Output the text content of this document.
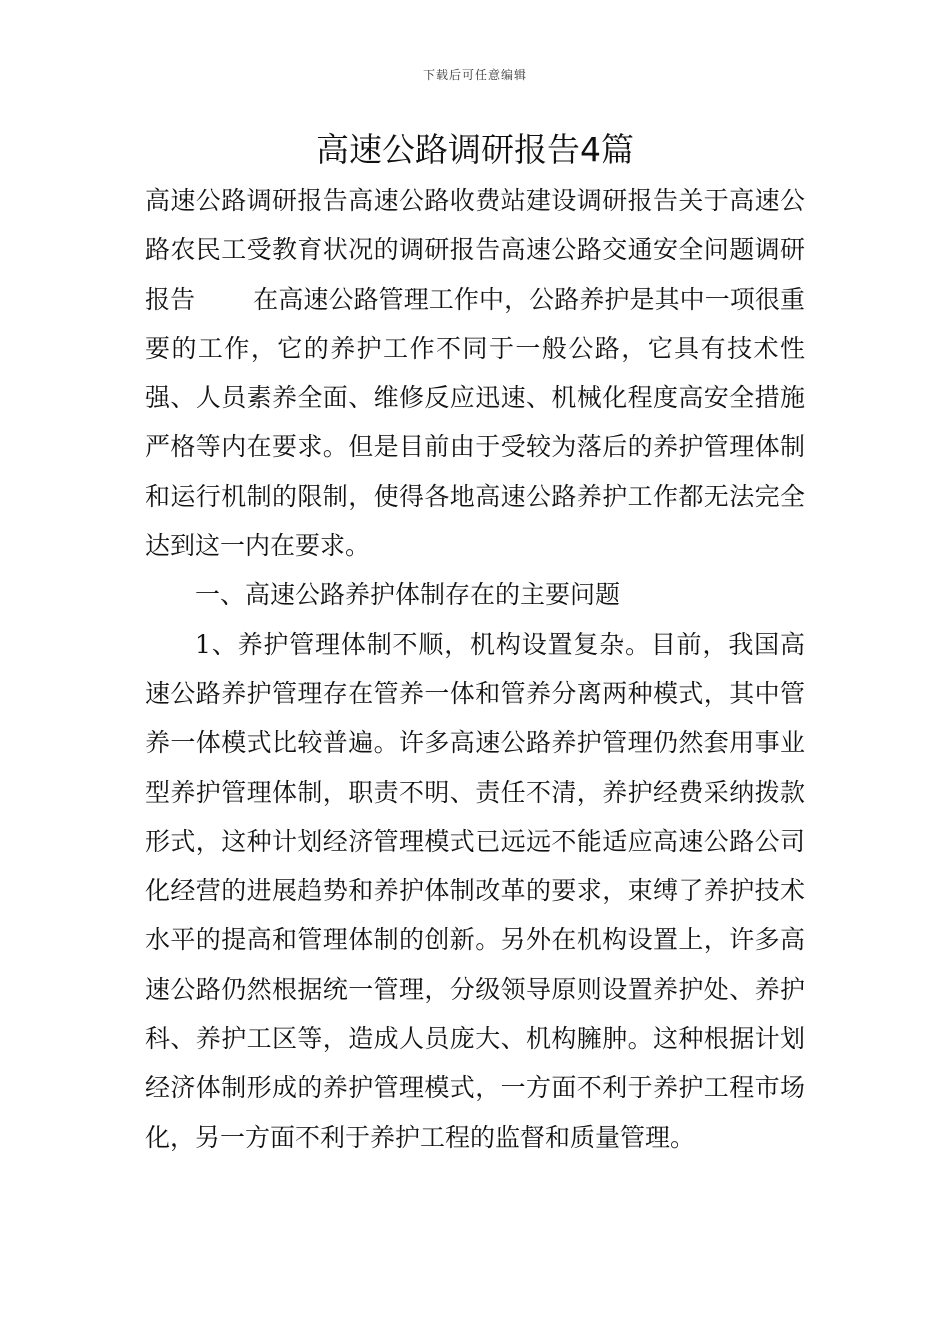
下载后可任意编辑
高速公路调研报告4篇

高速公路调研报告高速公路收费站建设调研报告关于高速公路农民工受教育状况的调研报告高速公路交通安全问题调研报告 在高速公路管理工作中，公路养护是其中一项很重要的工作，它的养护工作不同于一般公路，它具有技术性强、人员素养全面、维修反应迅速、机械化程度高安全措施严格等内在要求。但是目前由于受较为落后的养护管理体制和运行机制的限制，使得各地高速公路养护工作都无法完全达到这一内在要求。

一、高速公路养护体制存在的主要问题

1、养护管理体制不顺，机构设置复杂。目前，我国高速公路养护管理存在管养一体和管养分离两种模式，其中管养一体模式比较普遍。许多高速公路养护管理仍然套用事业型养护管理体制，职责不明、责任不清，养护经费采纳拨款形式，这种计划经济管理模式已远远不能适应高速公路公司化经营的进展趋势和养护体制改革的要求，束缚了养护技术水平的提高和管理体制的创新。另外在机构设置上，许多高速公路仍然根据统一管理，分级领导原则设置养护处、养护科、养护工区等，造成人员庞大、机构臃肿。这种根据计划经济体制形成的养护管理模式，一方面不利于养护工程市场化，另一方面不利于养护工程的监督和质量管理。
